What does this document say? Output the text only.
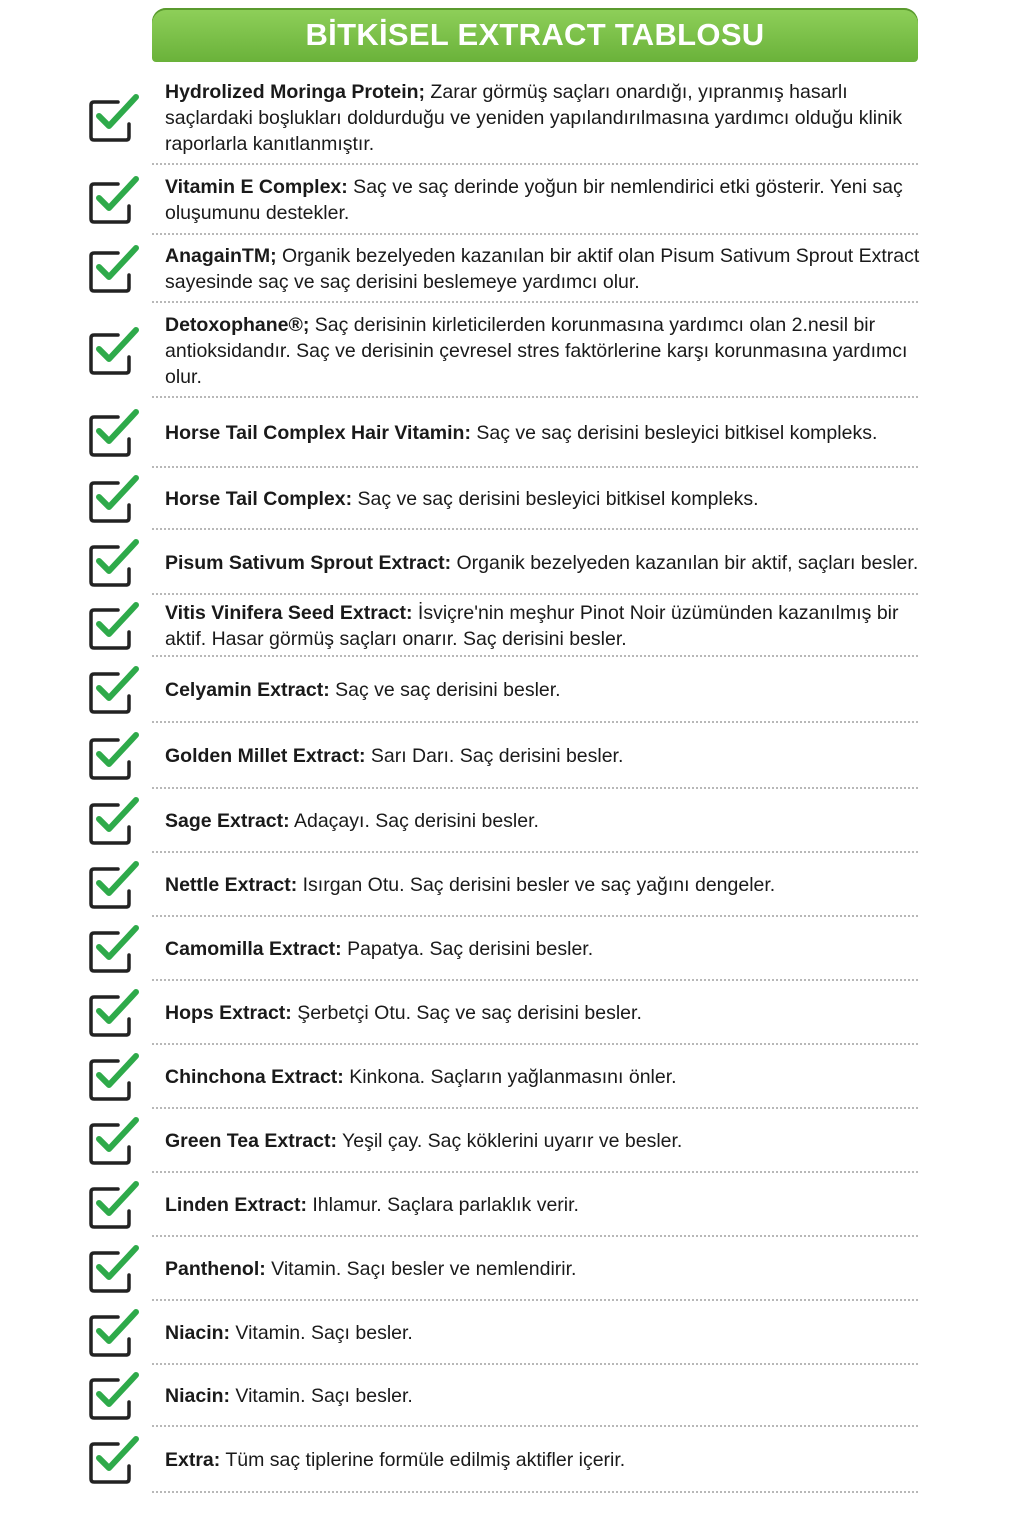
BİTKİSEL EXTRACT TABLOSU
Hydrolized Moringa Protein; Zarar görmüş saçları onardığı, yıpranmış hasarlı saçlardaki boşlukları doldurduğu ve yeniden yapılandırılmasına yardımcı olduğu klinik raporlarla kanıtlanmıştır.
Vitamin E Complex: Saç ve saç derinde yoğun bir nemlendirici etki gösterir. Yeni saç oluşumunu destekler.
AnagainTM; Organik bezelyeden kazanılan bir aktif olan Pisum Sativum Sprout Extract sayesinde saç ve saç derisini beslemeye yardımcı olur.
Detoxophane®; Saç derisinin kirleticilerden korunmasına yardımcı olan 2.nesil bir antioksidandır. Saç ve derisinin çevresel stres faktörlerine karşı korunmasına yardımcı olur.
Horse Tail Complex Hair Vitamin: Saç ve saç derisini besleyici bitkisel kompleks.
Horse Tail Complex: Saç ve saç derisini besleyici bitkisel kompleks.
Pisum Sativum Sprout Extract: Organik bezelyeden kazanılan bir aktif, saçları besler.
Vitis Vinifera Seed Extract: İsviçre'nin meşhur Pinot Noir üzümünden kazanılmış bir aktif. Hasar görmüş saçları onarır. Saç derisini besler.
Celyamin Extract: Saç ve saç derisini besler.
Golden Millet Extract: Sarı Darı. Saç derisini besler.
Sage Extract: Adaçayı. Saç derisini besler.
Nettle Extract: Isırgan Otu. Saç derisini besler ve saç yağını dengeler.
Camomilla Extract: Papatya. Saç derisini besler.
Hops Extract: Şerbetçi Otu. Saç ve saç derisini besler.
Chinchona Extract: Kinkona. Saçların yağlanmasını önler.
Green Tea Extract: Yeşil çay. Saç köklerini uyarır ve besler.
Linden Extract: Ihlamur. Saçlara parlaklık verir.
Panthenol: Vitamin. Saçı besler ve nemlendirir.
Niacin: Vitamin. Saçı besler.
Niacin: Vitamin. Saçı besler.
Extra: Tüm saç tiplerine formüle edilmiş aktifler içerir.
